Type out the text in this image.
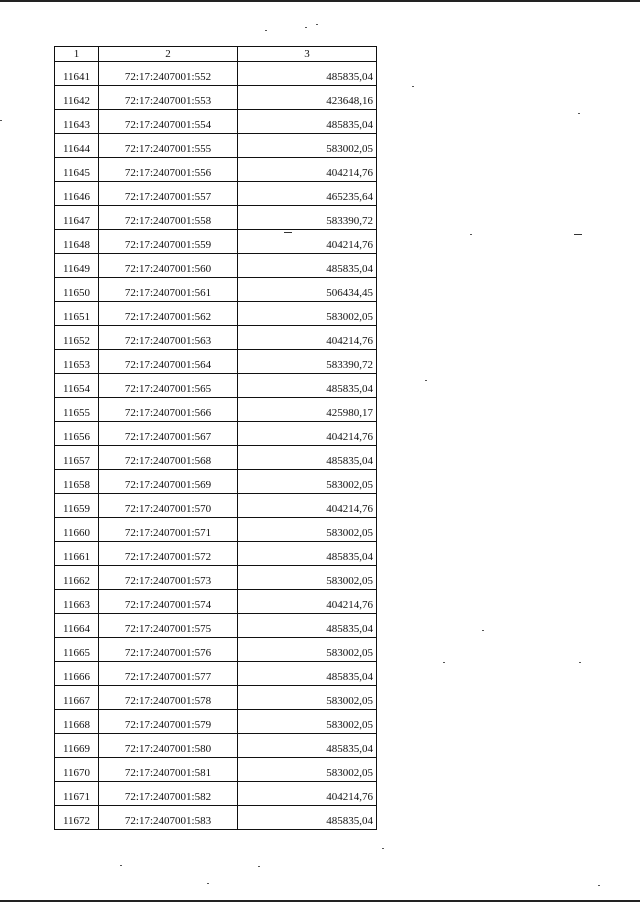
1	2	3
11641	72:17:2407001:552	485835,04
11642	72:17:2407001:553	423648,16
11643	72:17:2407001:554	485835,04
11644	72:17:2407001:555	583002,05
11645	72:17:2407001:556	404214,76
11646	72:17:2407001:557	465235,64
11647	72:17:2407001:558	583390,72
11648	72:17:2407001:559	404214,76
11649	72:17:2407001:560	485835,04
11650	72:17:2407001:561	506434,45
11651	72:17:2407001:562	583002,05
11652	72:17:2407001:563	404214,76
11653	72:17:2407001:564	583390,72
11654	72:17:2407001:565	485835,04
11655	72:17:2407001:566	425980,17
11656	72:17:2407001:567	404214,76
11657	72:17:2407001:568	485835,04
11658	72:17:2407001:569	583002,05
11659	72:17:2407001:570	404214,76
11660	72:17:2407001:571	583002,05
11661	72:17:2407001:572	485835,04
11662	72:17:2407001:573	583002,05
11663	72:17:2407001:574	404214,76
11664	72:17:2407001:575	485835,04
11665	72:17:2407001:576	583002,05
11666	72:17:2407001:577	485835,04
11667	72:17:2407001:578	583002,05
11668	72:17:2407001:579	583002,05
11669	72:17:2407001:580	485835,04
11670	72:17:2407001:581	583002,05
11671	72:17:2407001:582	404214,76
11672	72:17:2407001:583	485835,04
